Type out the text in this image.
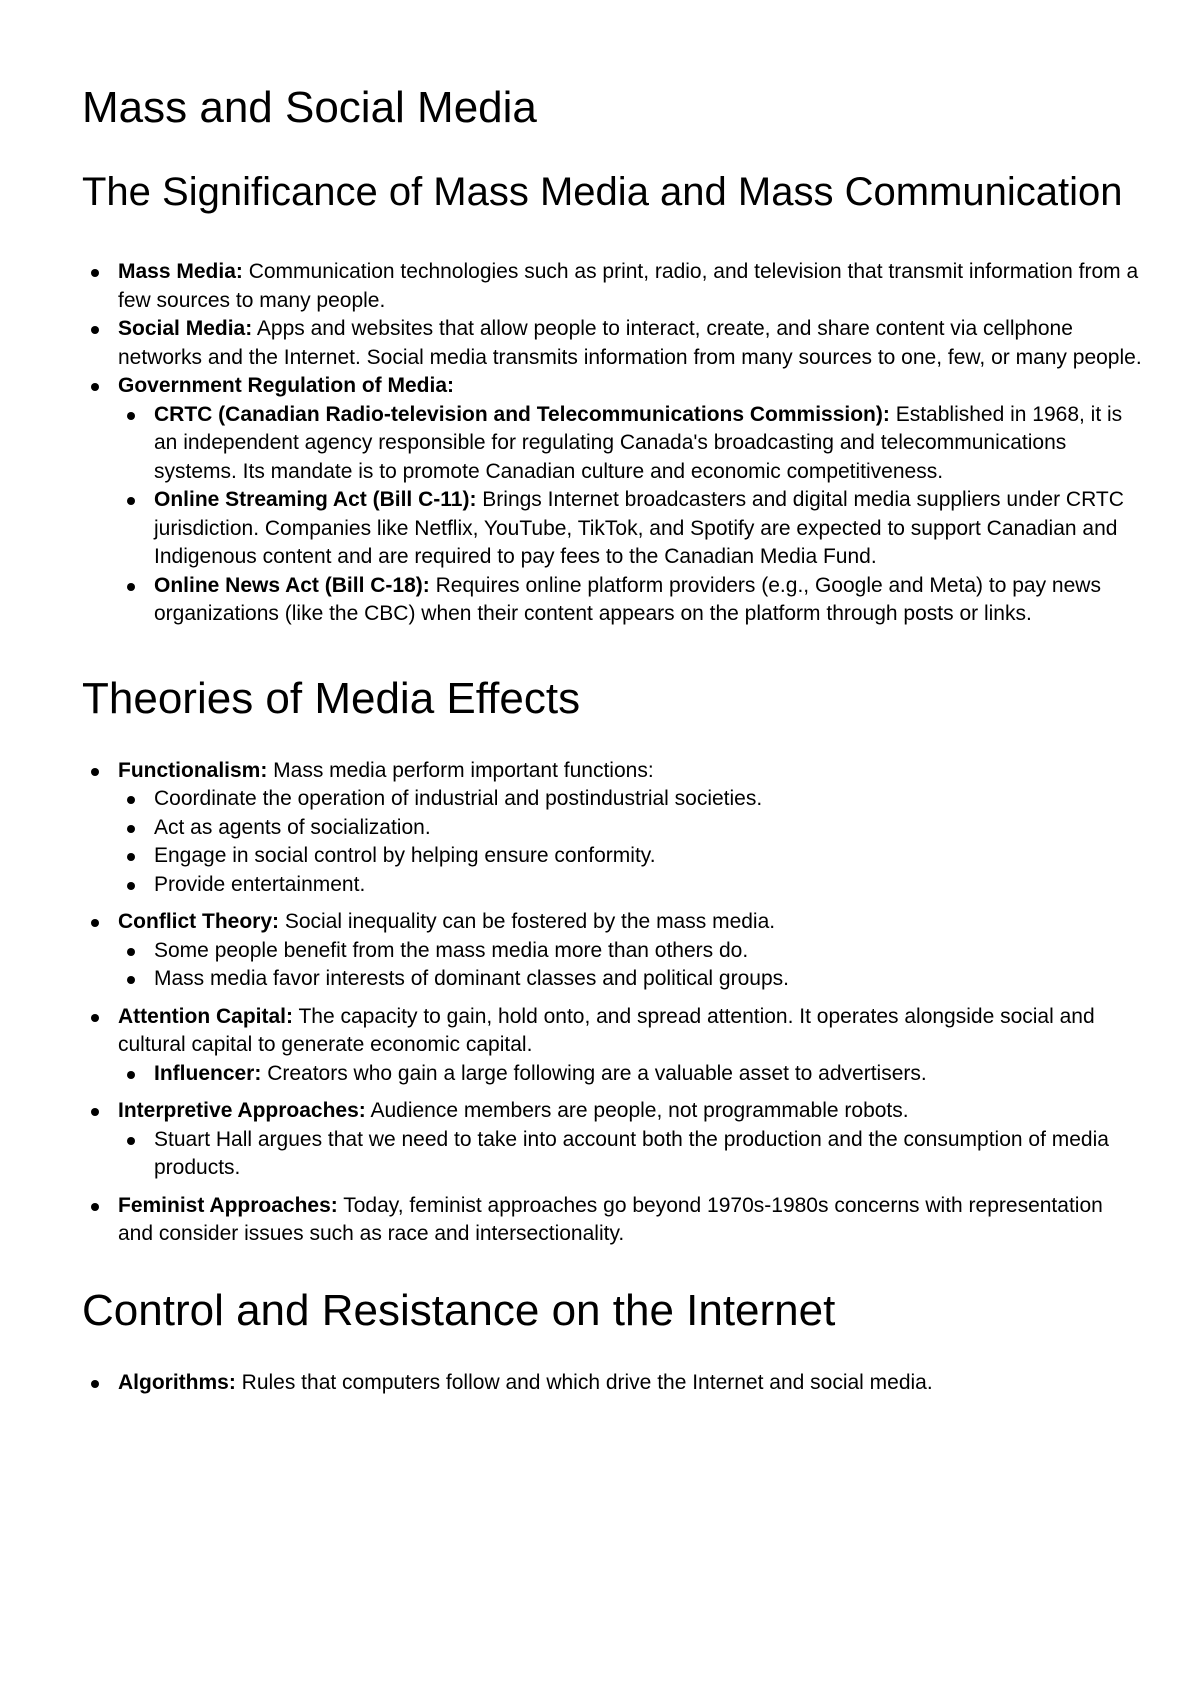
Mass and Social Media
The Significance of Mass Media and Mass Communication
Mass Media: Communication technologies such as print, radio, and television that transmit information from a few sources to many people.
Social Media: Apps and websites that allow people to interact, create, and share content via cellphone networks and the Internet. Social media transmits information from many sources to one, few, or many people.
Government Regulation of Media:
CRTC (Canadian Radio-television and Telecommunications Commission): Established in 1968, it is an independent agency responsible for regulating Canada's broadcasting and telecommunications systems. Its mandate is to promote Canadian culture and economic competitiveness.
Online Streaming Act (Bill C-11): Brings Internet broadcasters and digital media suppliers under CRTC jurisdiction. Companies like Netflix, YouTube, TikTok, and Spotify are expected to support Canadian and Indigenous content and are required to pay fees to the Canadian Media Fund.
Online News Act (Bill C-18): Requires online platform providers (e.g., Google and Meta) to pay news organizations (like the CBC) when their content appears on the platform through posts or links.
Theories of Media Effects
Functionalism: Mass media perform important functions:
Coordinate the operation of industrial and postindustrial societies.
Act as agents of socialization.
Engage in social control by helping ensure conformity.
Provide entertainment.
Conflict Theory: Social inequality can be fostered by the mass media.
Some people benefit from the mass media more than others do.
Mass media favor interests of dominant classes and political groups.
Attention Capital: The capacity to gain, hold onto, and spread attention. It operates alongside social and cultural capital to generate economic capital.
Influencer: Creators who gain a large following are a valuable asset to advertisers.
Interpretive Approaches: Audience members are people, not programmable robots.
Stuart Hall argues that we need to take into account both the production and the consumption of media products.
Feminist Approaches: Today, feminist approaches go beyond 1970s-1980s concerns with representation and consider issues such as race and intersectionality.
Control and Resistance on the Internet
Algorithms: Rules that computers follow and which drive the Internet and social media.
